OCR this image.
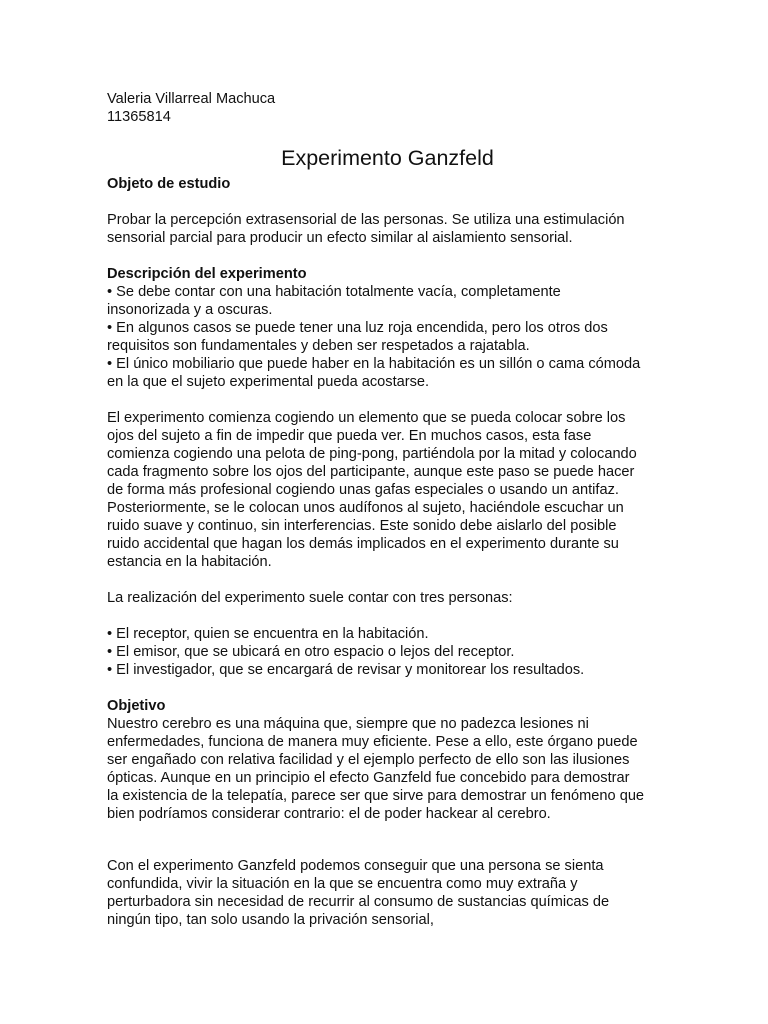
Valeria Villarreal Machuca
11365814
Experimento Ganzfeld
Objeto de estudio

Probar la percepción extrasensorial de las personas. Se utiliza una estimulación
sensorial parcial para producir un efecto similar al aislamiento sensorial.

Descripción del experimento

• Se debe contar con una habitación totalmente vacía, completamente
insonorizada y a oscuras.
• En algunos casos se puede tener una luz roja encendida, pero los otros dos
requisitos son fundamentales y deben ser respetados a rajatabla.
• El único mobiliario que puede haber en la habitación es un sillón o cama cómoda
en la que el sujeto experimental pueda acostarse.

El experimento comienza cogiendo un elemento que se pueda colocar sobre los
ojos del sujeto a fin de impedir que pueda ver. En muchos casos, esta fase
comienza cogiendo una pelota de ping-pong, partiéndola por la mitad y colocando
cada fragmento sobre los ojos del participante, aunque este paso se puede hacer
de forma más profesional cogiendo unas gafas especiales o usando un antifaz.
Posteriormente, se le colocan unos audífonos al sujeto, haciéndole escuchar un
ruido suave y continuo, sin interferencias. Este sonido debe aislarlo del posible
ruido accidental que hagan los demás implicados en el experimento durante su
estancia en la habitación.

La realización del experimento suele contar con tres personas:

• El receptor, quien se encuentra en la habitación.
• El emisor, que se ubicará en otro espacio o lejos del receptor.
• El investigador, que se encargará de revisar y monitorear los resultados.

Objetivo

Nuestro cerebro es una máquina que, siempre que no padezca lesiones ni
enfermedades, funciona de manera muy eficiente. Pese a ello, este órgano puede
ser engañado con relativa facilidad y el ejemplo perfecto de ello son las ilusiones
ópticas. Aunque en un principio el efecto Ganzfeld fue concebido para demostrar
la existencia de la telepatía, parece ser que sirve para demostrar un fenómeno que
bien podríamos considerar contrario: el de poder hackear al cerebro.

Con el experimento Ganzfeld podemos conseguir que una persona se sienta
confundida, vivir la situación en la que se encuentra como muy extraña y
perturbadora sin necesidad de recurrir al consumo de sustancias químicas de
ningún tipo, tan solo usando la privación sensorial,
